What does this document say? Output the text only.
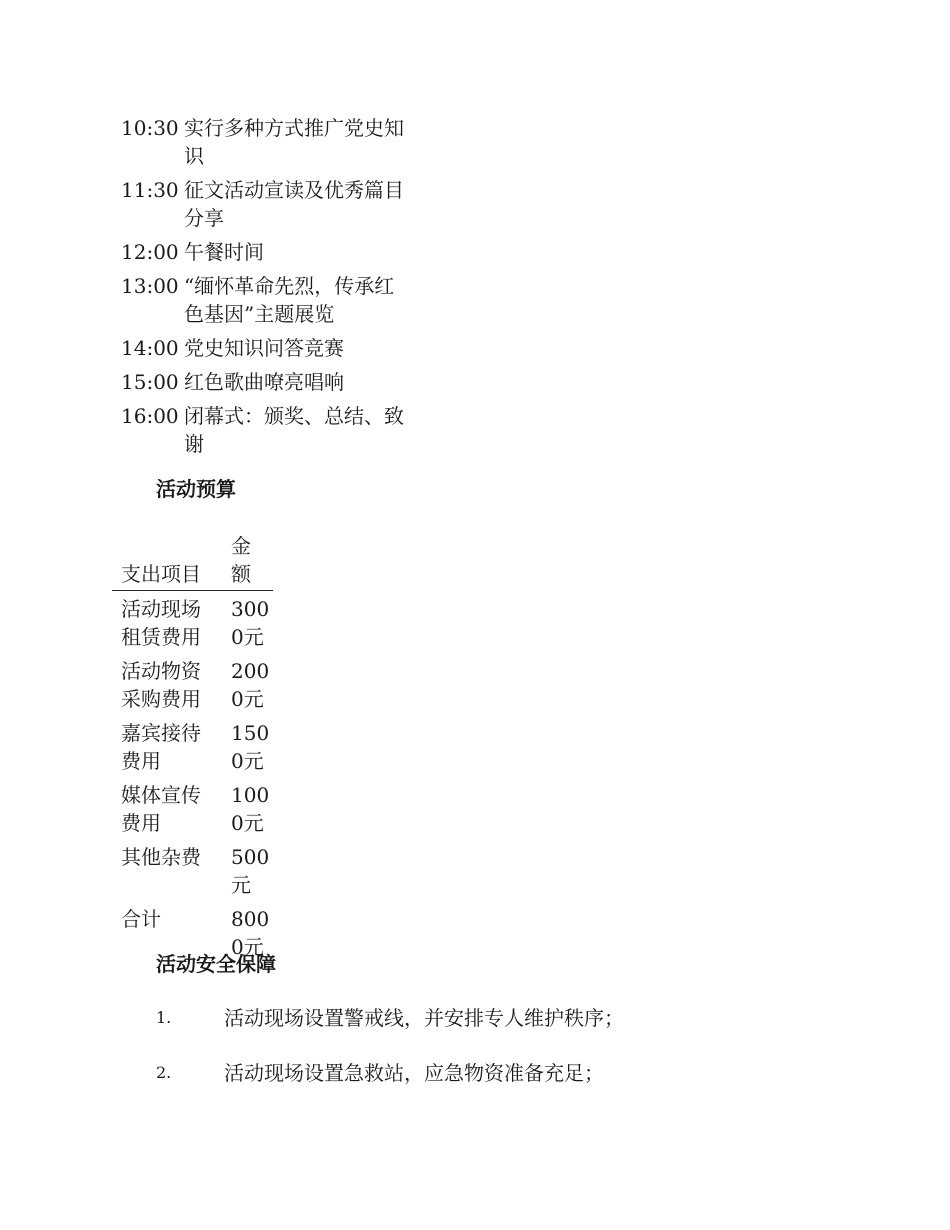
10:30 实行多种方式推广党史知识
11:30 征文活动宣读及优秀篇目分享
12:00 午餐时间
13:00 “缅怀革命先烈，传承红色基因”主题展览
14:00 党史知识问答竞赛
15:00 红色歌曲嘹亮唱响
16:00 闭幕式：颁奖、总结、致谢
活动预算
支出项目	金额
活动现场租赁费用	3000元
活动物资采购费用	2000元
嘉宾接待费用	1500元
媒体宣传费用	1000元
其他杂费	500元
合计	8000元
活动安全保障
1.	活动现场设置警戒线，并安排专人维护秩序；
2.	活动现场设置急救站，应急物资准备充足；
